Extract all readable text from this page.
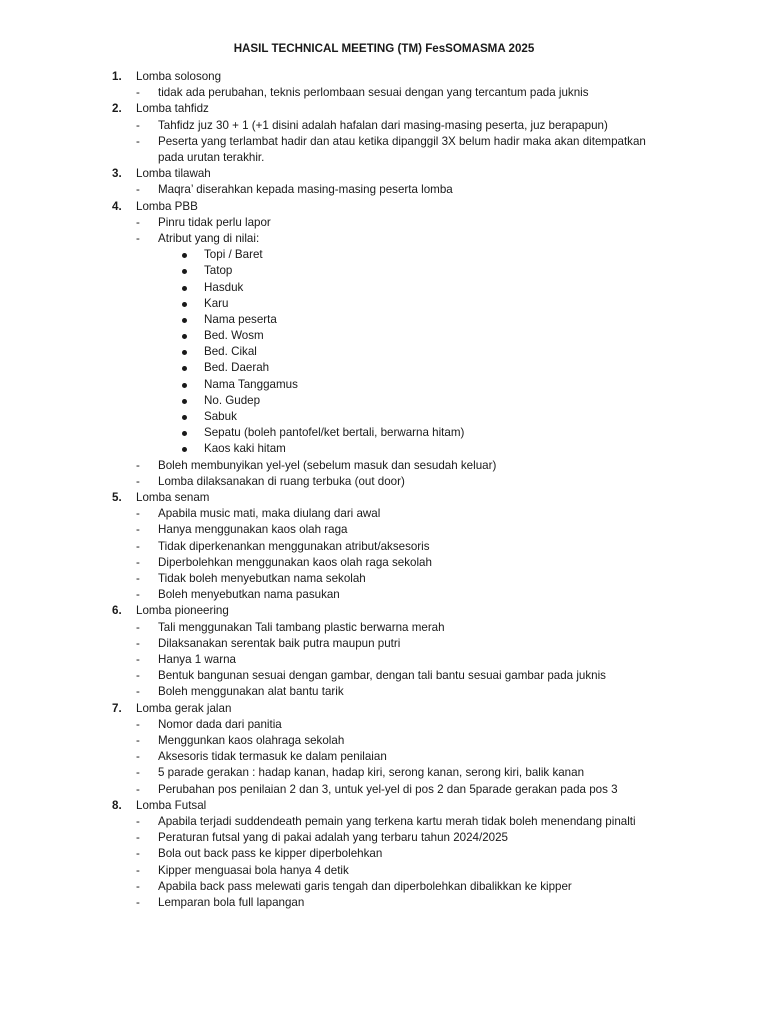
HASIL TECHNICAL MEETING (TM) FesSOMASMA 2025
1. Lomba solosong
- tidak ada perubahan, teknis perlombaan sesuai dengan yang tercantum pada juknis
2. Lomba tahfidz
- Tahfidz juz 30 + 1 (+1 disini adalah hafalan dari masing-masing peserta, juz berapapun)
- Peserta yang terlambat hadir dan atau ketika dipanggil 3X belum hadir maka akan ditempatkan pada urutan terakhir.
3. Lomba tilawah
- Maqra’ diserahkan kepada masing-masing peserta lomba
4. Lomba PBB
- Pinru tidak perlu lapor
- Atribut yang di nilai:
Topi / Baret
Tatop
Hasduk
Karu
Nama peserta
Bed. Wosm
Bed. Cikal
Bed. Daerah
Nama Tanggamus
No. Gudep
Sabuk
Sepatu (boleh pantofel/ket bertali, berwarna hitam)
Kaos kaki hitam
- Boleh membunyikan yel-yel (sebelum masuk dan sesudah keluar)
- Lomba dilaksanakan di ruang terbuka (out door)
5. Lomba senam
- Apabila music mati, maka diulang dari awal
- Hanya menggunakan kaos olah raga
- Tidak diperkenankan menggunakan atribut/aksesoris
- Diperbolehkan menggunakan kaos olah raga sekolah
- Tidak boleh menyebutkan nama sekolah
- Boleh menyebutkan nama pasukan
6. Lomba pioneering
- Tali menggunakan Tali tambang plastic berwarna merah
- Dilaksanakan serentak baik putra maupun putri
- Hanya 1 warna
- Bentuk bangunan sesuai dengan gambar, dengan tali bantu sesuai gambar pada juknis
- Boleh menggunakan alat bantu tarik
7. Lomba gerak jalan
- Nomor dada dari panitia
- Menggunkan kaos olahraga sekolah
- Aksesoris tidak termasuk ke dalam penilaian
- 5 parade gerakan : hadap kanan, hadap kiri, serong kanan, serong kiri, balik kanan
- Perubahan pos penilaian 2 dan 3, untuk yel-yel di pos 2 dan 5parade gerakan pada pos 3
8. Lomba Futsal
- Apabila terjadi suddendeath pemain yang terkena kartu merah tidak boleh menendang pinalti
- Peraturan futsal yang di pakai adalah yang terbaru tahun 2024/2025
- Bola out back pass ke kipper diperbolehkan
- Kipper menguasai bola hanya 4 detik
- Apabila back pass melewati garis tengah dan diperbolehkan dibalikkan ke kipper
- Lemparan bola full lapangan
